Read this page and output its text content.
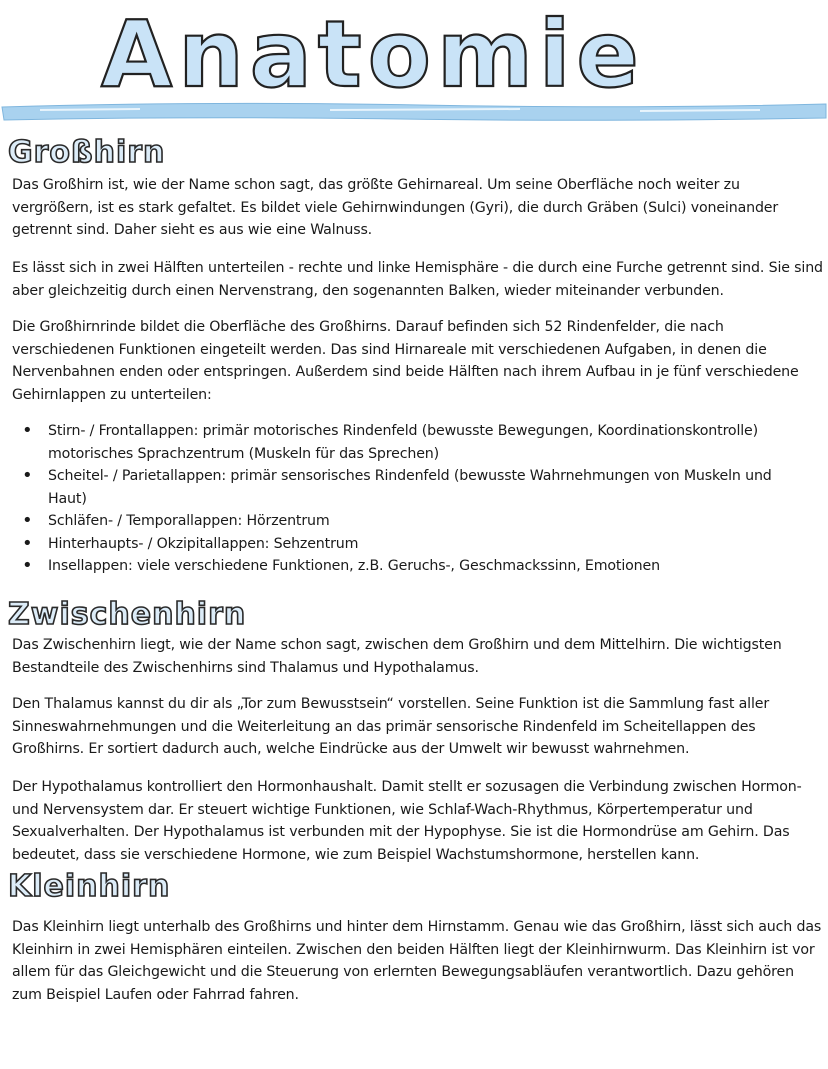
Anatomie
Großhirn

Das Großhirn ist, wie der Name schon sagt, das größte Gehirnareal. Um seine Oberfläche noch weiter zu vergrößern, ist es stark gefaltet. Es bildet viele Gehirnwindungen (Gyri), die durch Gräben (Sulci) voneinander getrennt sind. Daher sieht es aus wie eine Walnuss.

Es lässt sich in zwei Hälften unterteilen - rechte und linke Hemisphäre - die durch eine Furche getrennt sind. Sie sind aber gleichzeitig durch einen Nervenstrang, den sogenannten Balken, wieder miteinander verbunden.

Die Großhirnrinde bildet die Oberfläche des Großhirns. Darauf befinden sich 52 Rindenfelder, die nach verschiedenen Funktionen eingeteilt werden. Das sind Hirnareale mit verschiedenen Aufgaben, in denen die Nervenbahnen enden oder entspringen. Außerdem sind beide Hälften nach ihrem Aufbau in je fünf verschiedene Gehirnlappen zu unterteilen:

• Stirn- / Frontallappen: primär motorisches Rindenfeld (bewusste Bewegungen, Koordinationskontrolle) motorisches Sprachzentrum (Muskeln für das Sprechen)
• Scheitel- / Parietallappen: primär sensorisches Rindenfeld (bewusste Wahrnehmungen von Muskeln und Haut)
• Schläfen- / Temporallappen: Hörzentrum
• Hinterhaupts- / Okzipitallappen: Sehzentrum
• Insellappen: viele verschiedene Funktionen, z.B. Geruchs-, Geschmackssinn, Emotionen
Zwischenhirn

Das Zwischenhirn liegt, wie der Name schon sagt, zwischen dem Großhirn und dem Mittelhirn. Die wichtigsten Bestandteile des Zwischenhirns sind Thalamus und Hypothalamus.

Den Thalamus kannst du dir als „Tor zum Bewusstsein“ vorstellen. Seine Funktion ist die Sammlung fast aller Sinneswahrnehmungen und die Weiterleitung an das primär sensorische Rindenfeld im Scheitellappen des Großhirns. Er sortiert dadurch auch, welche Eindrücke aus der Umwelt wir bewusst wahrnehmen.

Der Hypothalamus kontrolliert den Hormonhaushalt. Damit stellt er sozusagen die Verbindung zwischen Hormon- und Nervensystem dar. Er steuert wichtige Funktionen, wie Schlaf-Wach-Rhythmus, Körpertemperatur und Sexualverhalten. Der Hypothalamus ist verbunden mit der Hypophyse. Sie ist die Hormondrüse am Gehirn. Das bedeutet, dass sie verschiedene Hormone, wie zum Beispiel Wachstumshormone, herstellen kann.

Kleinhirn

Das Kleinhirn liegt unterhalb des Großhirns und hinter dem Hirnstamm. Genau wie das Großhirn, lässt sich auch das Kleinhirn in zwei Hemisphären einteilen. Zwischen den beiden Hälften liegt der Kleinhirnwurm. Das Kleinhirn ist vor allem für das Gleichgewicht und die Steuerung von erlernten Bewegungsabläufen verantwortlich. Dazu gehören zum Beispiel Laufen oder Fahrrad fahren.
